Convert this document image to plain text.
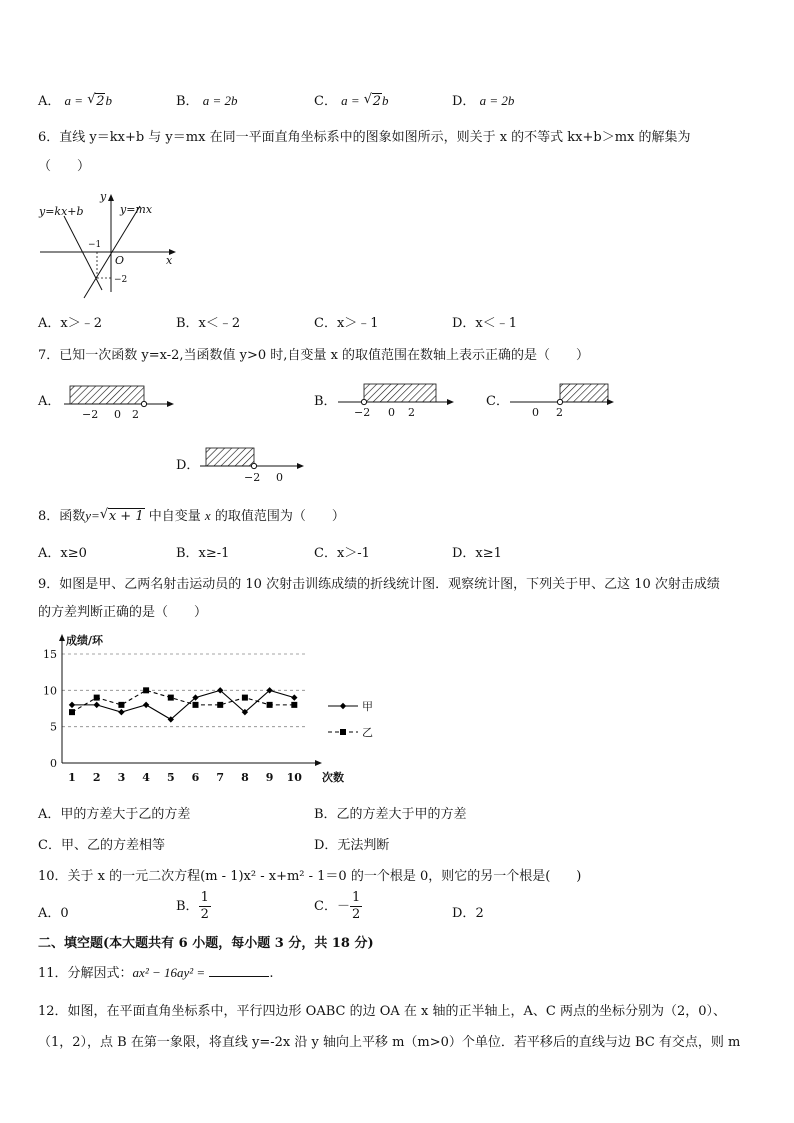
A． a = √ 2b	B． a = 2b	C． a = √ 2b	D． a = 2b
6．直线 y＝kx+b 与 y＝mx 在同一平面直角坐标系中的图象如图所示，则关于 x 的不等式 kx+b＞mx 的解集为
（　　）
y=kx+b	y=mx
y
x
O
−1
−2
A．x＞﹣2	B．x＜﹣2	C．x＞﹣1	D．x＜﹣1
7．已知一次函数 y=x-2,当函数值 y>0 时,自变量 x 的取值范围在数轴上表示正确的是（　　）
A．
−2 0 2
B．
−2 0 2
C．
0 2
D．
−2 0
8．函数y= √ x + 1 中自变量 x 的取值范围为（　　）
A．x≥0	B．x≥-1	C．x＞-1	D．x≥1
9．如图是甲、乙两名射击运动员的 10 次射击训练成绩的折线统计图．观察统计图，下列关于甲、乙这 10 次射击成绩
的方差判断正确的是（　　）
0
5
10
15
1 2 3 4 5 6 7 8 9 10
成绩/环
次数
甲
乙
A．甲的方差大于乙的方差	B．乙的方差大于甲的方差
C．甲、乙的方差相等	D．无法判断
10．关于 x 的一元二次方程(m - 1)x² - x+m² - 1＝0 的一个根是 0，则它的另一个根是(　　)
A．0	B． $\frac{1}{2}$	C．－ $\frac{1}{2}$	D．2
二、填空题(本大题共有 6 小题，每小题 3 分，共 18 分)
11．分解因式：ax² − 16ay² =	.
12．如图，在平面直角坐标系中，平行四边形 OABC 的边 OA 在 x 轴的正半轴上，A、C 两点的坐标分别为（2，0）、
（1，2），点 B 在第一象限，将直线 y=-2x 沿 y 轴向上平移 m（m>0）个单位．若平移后的直线与边 BC 有交点，则 m
